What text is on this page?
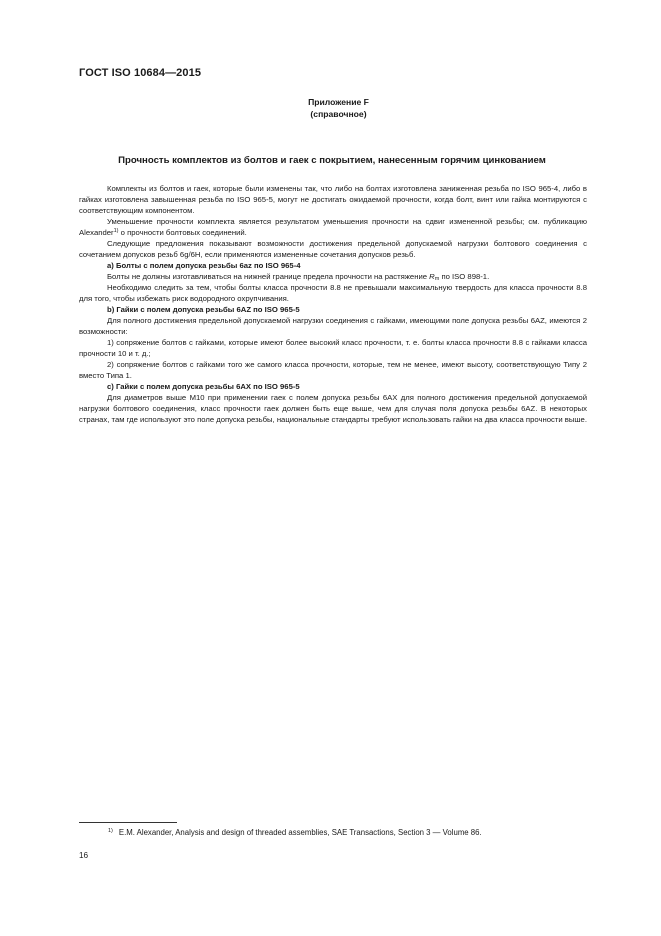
ГОСТ ISO 10684—2015
Приложение F
(справочное)
Прочность комплектов из болтов и гаек с покрытием, нанесенным горячим цинкованием

Комплекты из болтов и гаек, которые были изменены так, что либо на болтах изготовлена заниженная резьба по ISO 965-4, либо в гайках изготовлена завышенная резьба по ISO 965-5, могут не достигать ожидаемой прочности, когда болт, винт или гайка монтируются с соответствующим компонентом.

Уменьшение прочности комплекта является результатом уменьшения прочности на сдвиг измененной резьбы; см. публикацию Alexander$^{1)}$ о прочности болтовых соединений.

Следующие предложения показывают возможности достижения предельной допускаемой нагрузки болтового соединения с сочетанием допусков резьб 6g/6H, если применяются измененные сочетания допусков резьб.

a) Болты с полем допуска резьбы 6az по ISO 965-4

Болты не должны изготавливаться на нижней границе предела прочности на растяжение $R_m$ по ISO 898-1.

Необходимо следить за тем, чтобы болты класса прочности 8.8 не превышали максимальную твердость для класса прочности 8.8 для того, чтобы избежать риск водородного охрупчивания.

b) Гайки с полем допуска резьбы 6AZ по ISO 965-5

Для полного достижения предельной допускаемой нагрузки соединения с гайками, имеющими поле допуска резьбы 6AZ, имеются 2 возможности:

1) сопряжение болтов с гайками, которые имеют более высокий класс прочности, т. е. болты класса прочности 8.8 с гайками класса прочности 10 и т. д.;

2) сопряжение болтов с гайками того же самого класса прочности, которые, тем не менее, имеют высоту, соответствующую Типу 2 вместо Типа 1.

c) Гайки с полем допуска резьбы 6AX по ISO 965-5

Для диаметров выше М10 при применении гаек с полем допуска резьбы 6AX для полного достижения предельной допускаемой нагрузки болтового соединения, класс прочности гаек должен быть еще выше, чем для случая поля допуска резьбы 6AZ. В некоторых странах, там где используют это поле допуска резьбы, национальные стандарты требуют использовать гайки на два класса прочности выше.

$^{1)}$ E.M. Alexander, Analysis and design of threaded assemblies, SAE Transactions, Section 3 — Volume 86.
16
